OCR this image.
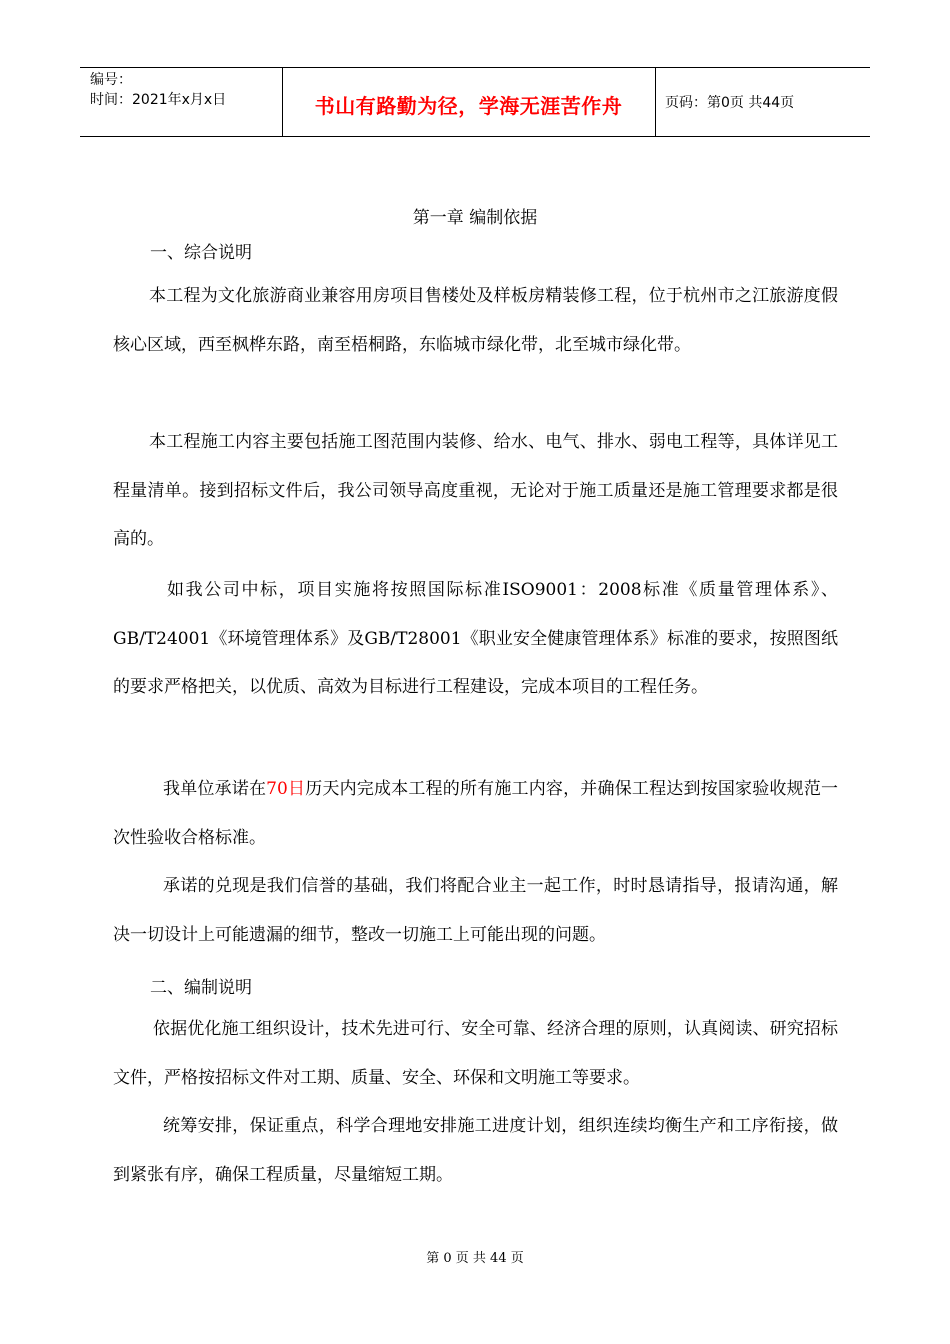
编号：
时间：2021年x月x日	书山有路勤为径，学海无涯苦作舟	页码：第0页 共44页
第一章 编制依据
一、综合说明
本工程为文化旅游商业兼容用房项目售楼处及样板房精装修工程，位于杭州市之江旅游度假核心区域，西至枫桦东路，南至梧桐路，东临城市绿化带，北至城市绿化带。
本工程施工内容主要包括施工图范围内装修、给水、电气、排水、弱电工程等，具体详见工程量清单。接到招标文件后，我公司领导高度重视，无论对于施工质量还是施工管理要求都是很高的。
如我公司中标，项目实施将按照国际标准ISO9001：2008标准《质量管理体系》、GB/T24001《环境管理体系》及GB/T28001《职业安全健康管理体系》标准的要求，按照图纸的要求严格把关，以优质、高效为目标进行工程建设，完成本项目的工程任务。
我单位承诺在70日历天内完成本工程的所有施工内容，并确保工程达到按国家验收规范一次性验收合格标准。
承诺的兑现是我们信誉的基础，我们将配合业主一起工作，时时恳请指导，报请沟通，解决一切设计上可能遗漏的细节，整改一切施工上可能出现的问题。
二、编制说明
依据优化施工组织设计，技术先进可行、安全可靠、经济合理的原则，认真阅读、研究招标文件，严格按招标文件对工期、质量、安全、环保和文明施工等要求。
统筹安排，保证重点，科学合理地安排施工进度计划，组织连续均衡生产和工序衔接，做到紧张有序，确保工程质量，尽量缩短工期。
第 0 页 共 44 页
